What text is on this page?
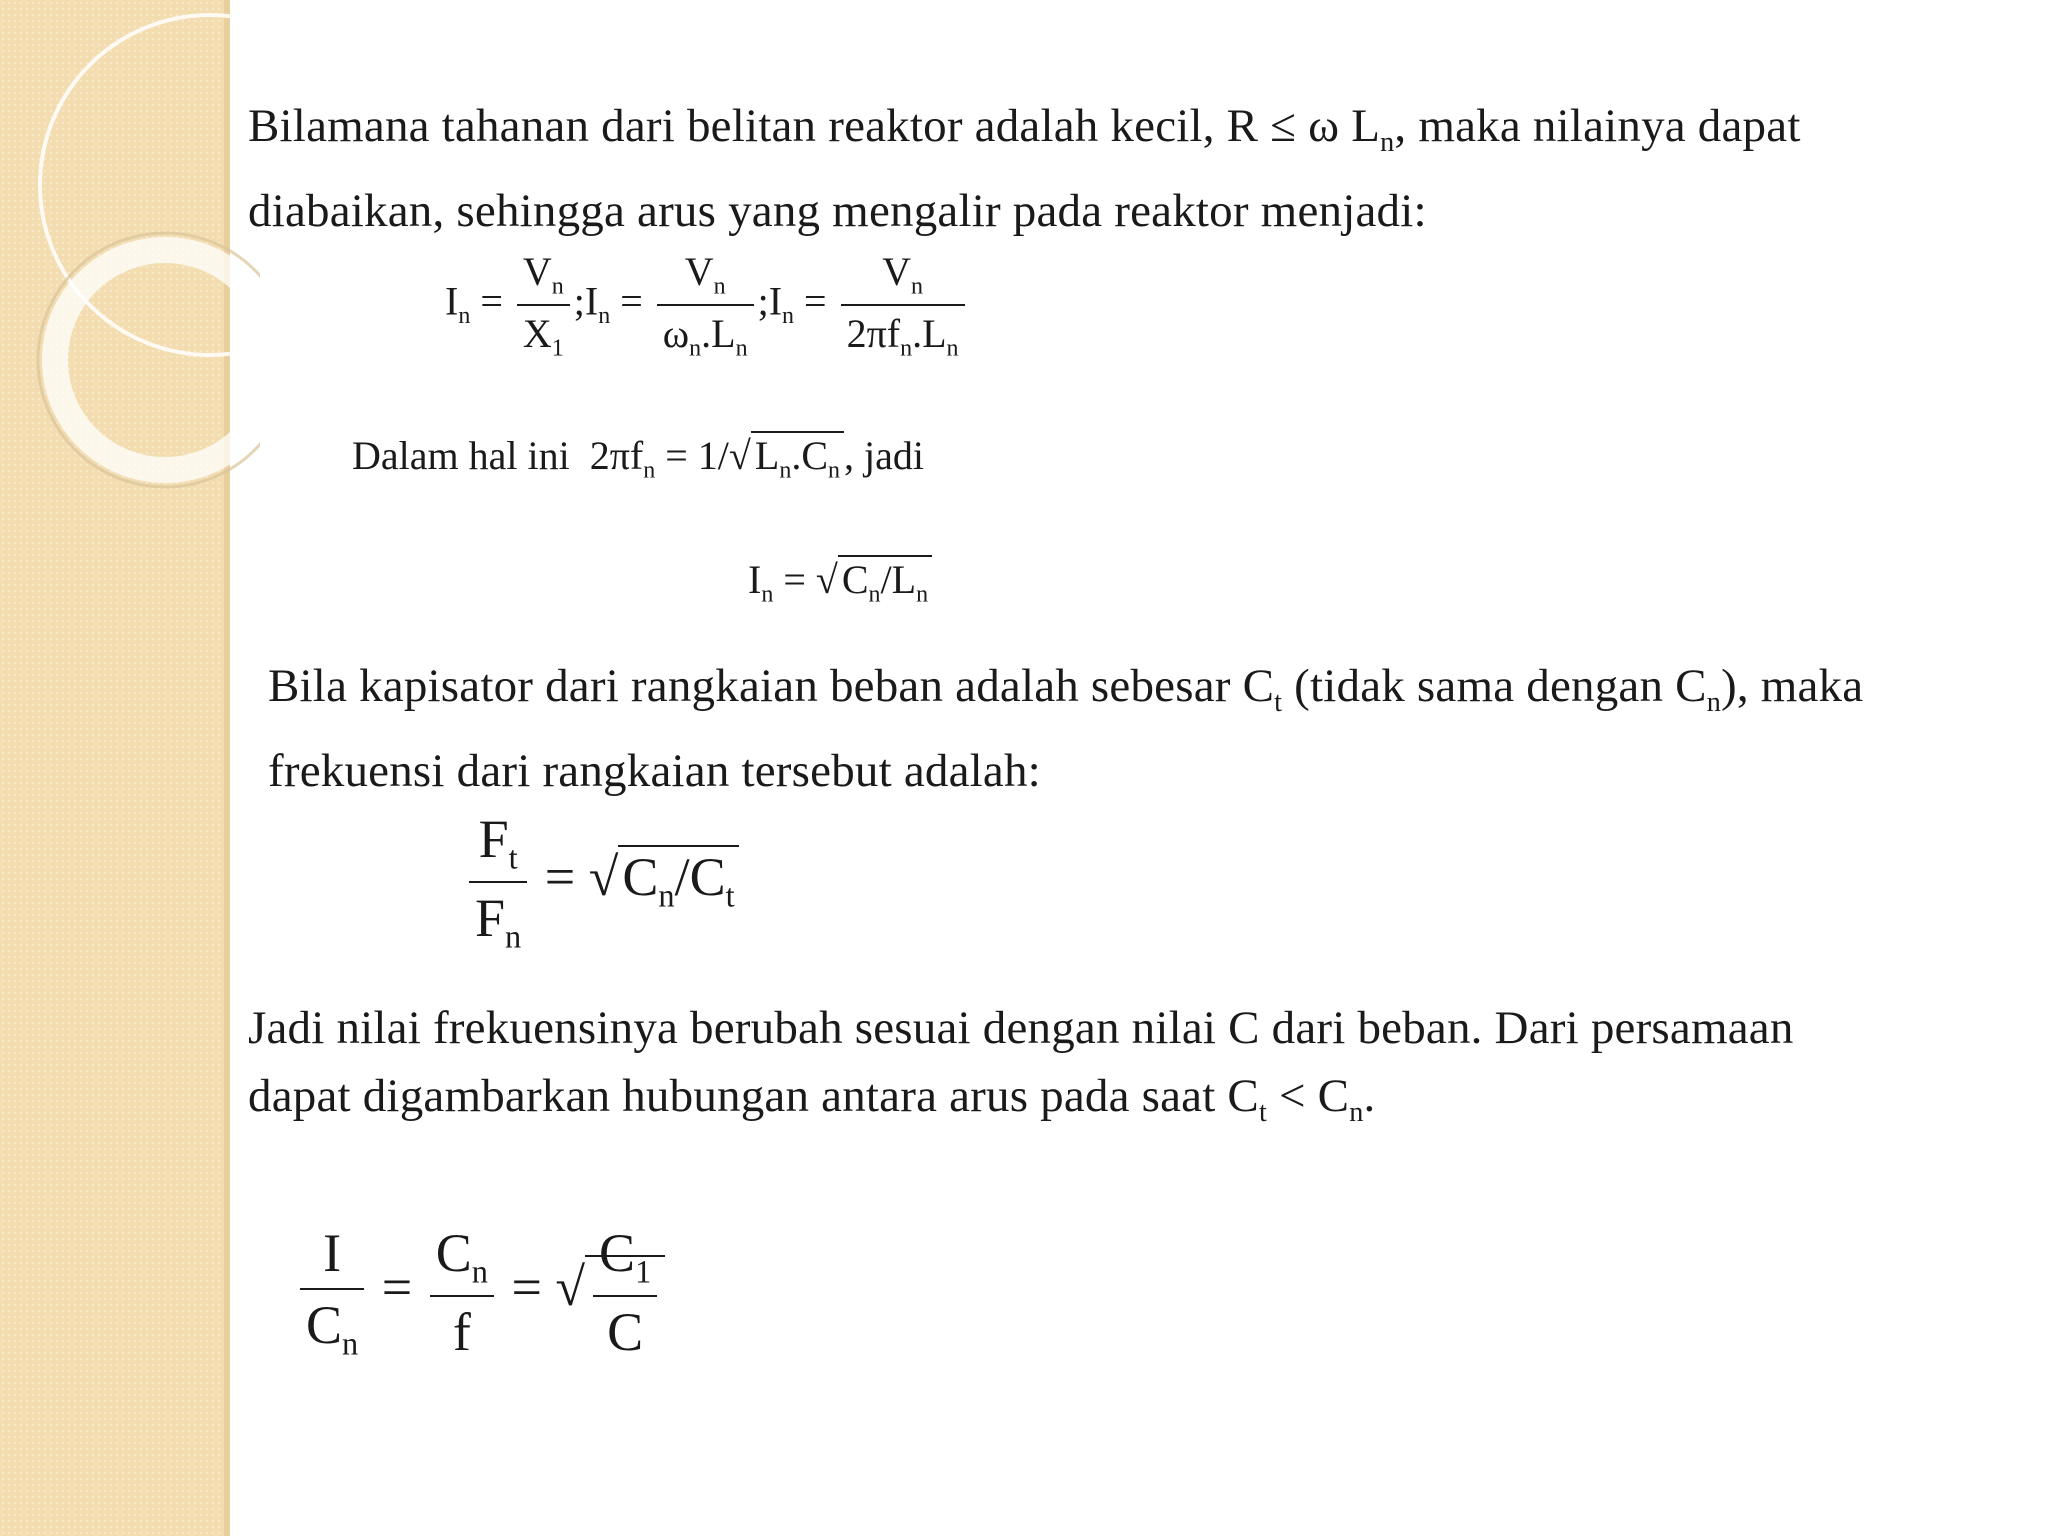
Bilamana tahanan dari belitan reaktor adalah kecil, R ≤ ω $L_n$, maka nilainya dapat
diabaikan, sehingga arus yang mengalir pada reaktor menjadi:
$I_n = \frac{V_n}{X_1}$ $;I_n = \frac{V_n}{\omega_n.L_n}$ $;I_n = \frac{V_n}{2\pi f_n.L_n}$
Dalam hal ini $2\pi f_n = 1/√$ $L_n.C_n$ , jadi
$I_n$ = √ $C_n/L_n$
Bila kapisator dari rangkaian beban adalah sebesar $C_t$ (tidak sama dengan $C_n$), maka
frekuensi dari rangkaian tersebut adalah:
$\frac{F_t}{F_n} = √C_n/C_t$
Jadi nilai frekuensinya berubah sesuai dengan nilai C dari beban. Dari persamaan
dapat digambarkan hubungan antara arus pada saat $C_t < C_n$.
$\frac{I}{C_n} = \frac{C_n}{f}$ = √ $\frac{C_1}{C}$
